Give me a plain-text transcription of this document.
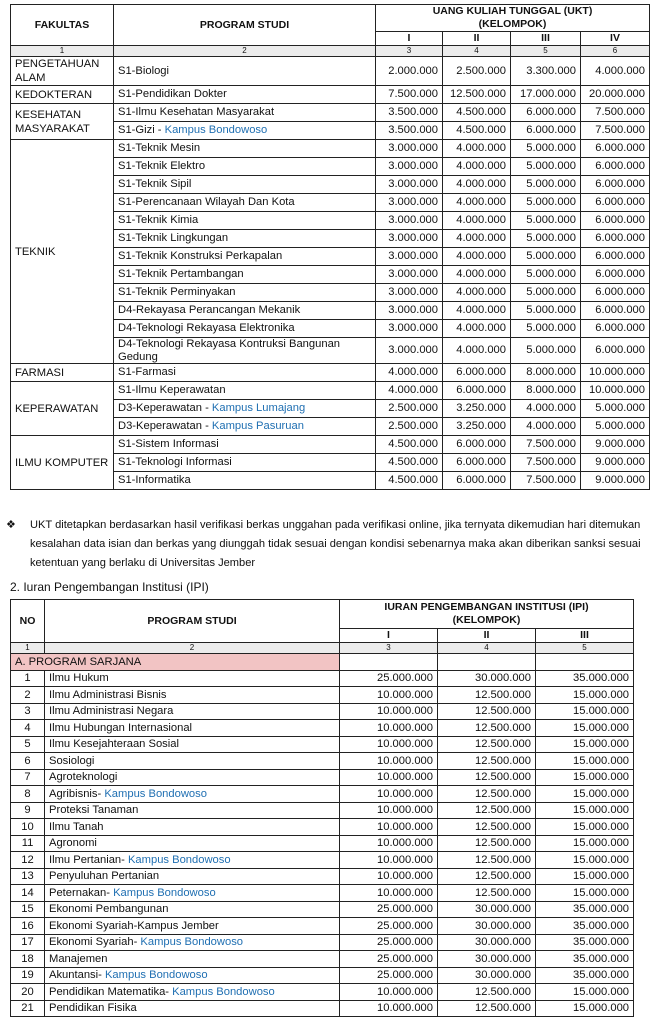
FAKULTAS	PROGRAM STUDI	UANG KULIAH TUNGGAL (UKT)
(KELOMPOK)			

		I	II	III	IV
1	2	3	4	5	6
PENGETAHUAN ALAM	S1-Biologi	2.000.000	2.500.000	3.300.000	4.000.000
KEDOKTERAN	S1-Pendidikan Dokter	7.500.000	12.500.000	17.000.000	20.000.000
KESEHATAN MASYARAKAT	S1-Ilmu Kesehatan Masyarakat	3.500.000	4.500.000	6.000.000	7.500.000
	S1-Gizi - Kampus Bondowoso	3.500.000	4.500.000	6.000.000	7.500.000
TEKNIK	S1-Teknik Mesin	3.000.000	4.000.000	5.000.000	6.000.000
	S1-Teknik Elektro	3.000.000	4.000.000	5.000.000	6.000.000
	S1-Teknik Sipil	3.000.000	4.000.000	5.000.000	6.000.000
	S1-Perencanaan Wilayah Dan Kota	3.000.000	4.000.000	5.000.000	6.000.000
	S1-Teknik Kimia	3.000.000	4.000.000	5.000.000	6.000.000
	S1-Teknik Lingkungan	3.000.000	4.000.000	5.000.000	6.000.000
	S1-Teknik Konstruksi Perkapalan	3.000.000	4.000.000	5.000.000	6.000.000
	S1-Teknik Pertambangan	3.000.000	4.000.000	5.000.000	6.000.000
	S1-Teknik Perminyakan	3.000.000	4.000.000	5.000.000	6.000.000
	D4-Rekayasa Perancangan Mekanik	3.000.000	4.000.000	5.000.000	6.000.000
	D4-Teknologi Rekayasa Elektronika	3.000.000	4.000.000	5.000.000	6.000.000
	D4-Teknologi Rekayasa Kontruksi Bangunan Gedung	3.000.000	4.000.000	5.000.000	6.000.000
FARMASI	S1-Farmasi	4.000.000	6.000.000	8.000.000	10.000.000
KEPERAWATAN	S1-Ilmu Keperawatan	4.000.000	6.000.000	8.000.000	10.000.000
	D3-Keperawatan - Kampus Lumajang	2.500.000	3.250.000	4.000.000	5.000.000
	D3-Keperawatan - Kampus Pasuruan	2.500.000	3.250.000	4.000.000	5.000.000
ILMU KOMPUTER	S1-Sistem Informasi	4.500.000	6.000.000	7.500.000	9.000.000
	S1-Teknologi Informasi	4.500.000	6.000.000	7.500.000	9.000.000
	S1-Informatika	4.500.000	6.000.000	7.500.000	9.000.000
❖ UKT ditetapkan berdasarkan hasil verifikasi berkas unggahan pada verifikasi online, jika ternyata dikemudian hari ditemukan kesalahan data isian dan berkas yang diunggah tidak sesuai dengan kondisi sebenarnya maka akan diberikan sanksi sesuai ketentuan yang berlaku di Universitas Jember

2. Iuran Pengembangan Institusi (IPI)
NO	PROGRAM STUDI	IURAN PENGEMBANGAN INSTITUSI (IPI)
(KELOMPOK)		

		I	II	III
1	2	3	4	5
A. PROGRAM SARJANA				
1	Ilmu Hukum	25.000.000	30.000.000	35.000.000
2	Ilmu Administrasi Bisnis	10.000.000	12.500.000	15.000.000
3	Ilmu Administrasi Negara	10.000.000	12.500.000	15.000.000
4	Ilmu Hubungan Internasional	10.000.000	12.500.000	15.000.000
5	Ilmu Kesejahteraan Sosial	10.000.000	12.500.000	15.000.000
6	Sosiologi	10.000.000	12.500.000	15.000.000
7	Agroteknologi	10.000.000	12.500.000	15.000.000
8	Agribisnis- Kampus Bondowoso	10.000.000	12.500.000	15.000.000
9	Proteksi Tanaman	10.000.000	12.500.000	15.000.000
10	Ilmu Tanah	10.000.000	12.500.000	15.000.000
11	Agronomi	10.000.000	12.500.000	15.000.000
12	Ilmu Pertanian- Kampus Bondowoso	10.000.000	12.500.000	15.000.000
13	Penyuluhan Pertanian	10.000.000	12.500.000	15.000.000
14	Peternakan- Kampus Bondowoso	10.000.000	12.500.000	15.000.000
15	Ekonomi Pembangunan	25.000.000	30.000.000	35.000.000
16	Ekonomi Syariah-Kampus Jember	25.000.000	30.000.000	35.000.000
17	Ekonomi Syariah- Kampus Bondowoso	25.000.000	30.000.000	35.000.000
18	Manajemen	25.000.000	30.000.000	35.000.000
19	Akuntansi- Kampus Bondowoso	25.000.000	30.000.000	35.000.000
20	Pendidikan Matematika- Kampus Bondowoso	10.000.000	12.500.000	15.000.000
21	Pendidikan Fisika	10.000.000	12.500.000	15.000.000
